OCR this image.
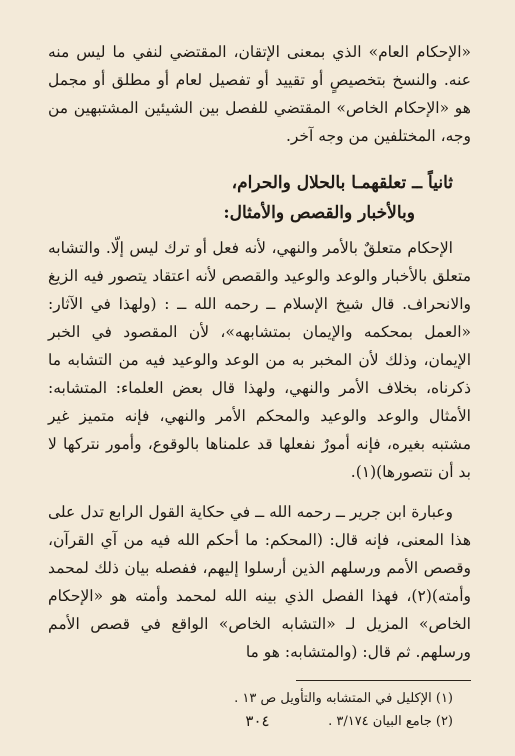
«الإحكام العام» الذي بمعنى الإتقان، المقتضي لنفي ما ليس منه عنه. والنسخ بتخصيصٍ أو تقييد أو تفصيل لعام أو مطلق أو مجمل هو «الإحكام الخاص» المقتضي للفصل بين الشيئين المشتبهين من وجه، المختلفين من وجه آخر.

ثانياً ــ تعلقهمـا بالحلال والحرام،
وبالأخبار والقصص والأمثال:

الإحكام متعلقٌ بالأمر والنهي، لأنه فعل أو ترك ليس إلّا. والتشابه متعلق بالأخبار والوعد والوعيد والقصص لأنه اعتقاد يتصور فيه الزيغ والانحراف. قال شيخ الإسلام ــ رحمه الله ــ : (ولهذا في الآثار: «العمل بمحكمه والإيمان بمتشابهه»، لأن المقصود في الخبر الإيمان، وذلك لأن المخبر به من الوعد والوعيد فيه من التشابه ما ذكرناه، بخلاف الأمر والنهي، ولهذا قال بعض العلماء: المتشابه: الأمثال والوعد والوعيد والمحكم الأمر والنهي، فإنه متميز غير مشتبه بغيره، فإنه أمورٌ نفعلها قد علمناها بالوقوع، وأمور نتركها لا بد أن نتصورها)(١).

وعبارة ابن جرير ــ رحمه الله ــ في حكاية القول الرابع تدل على هذا المعنى، فإنه قال: (المحكم: ما أحكم الله فيه من آي القرآن، وقصص الأمم ورسلهم الذين أرسلوا إليهم، ففصله بيان ذلك لمحمد وأمته)(٢)، فهذا الفصل الذي بينه الله لمحمد وأمته هو «الإحكام الخاص» المزيل لـ «التشابه الخاص» الواقع في قصص الأمم ورسلهم. ثم قال: (والمتشابه: هو ما

(١) الإكليل في المتشابه والتأويل ص ١٣ .
(٢) جامع البيان ٣/١٧٤ .
٣٠٤
